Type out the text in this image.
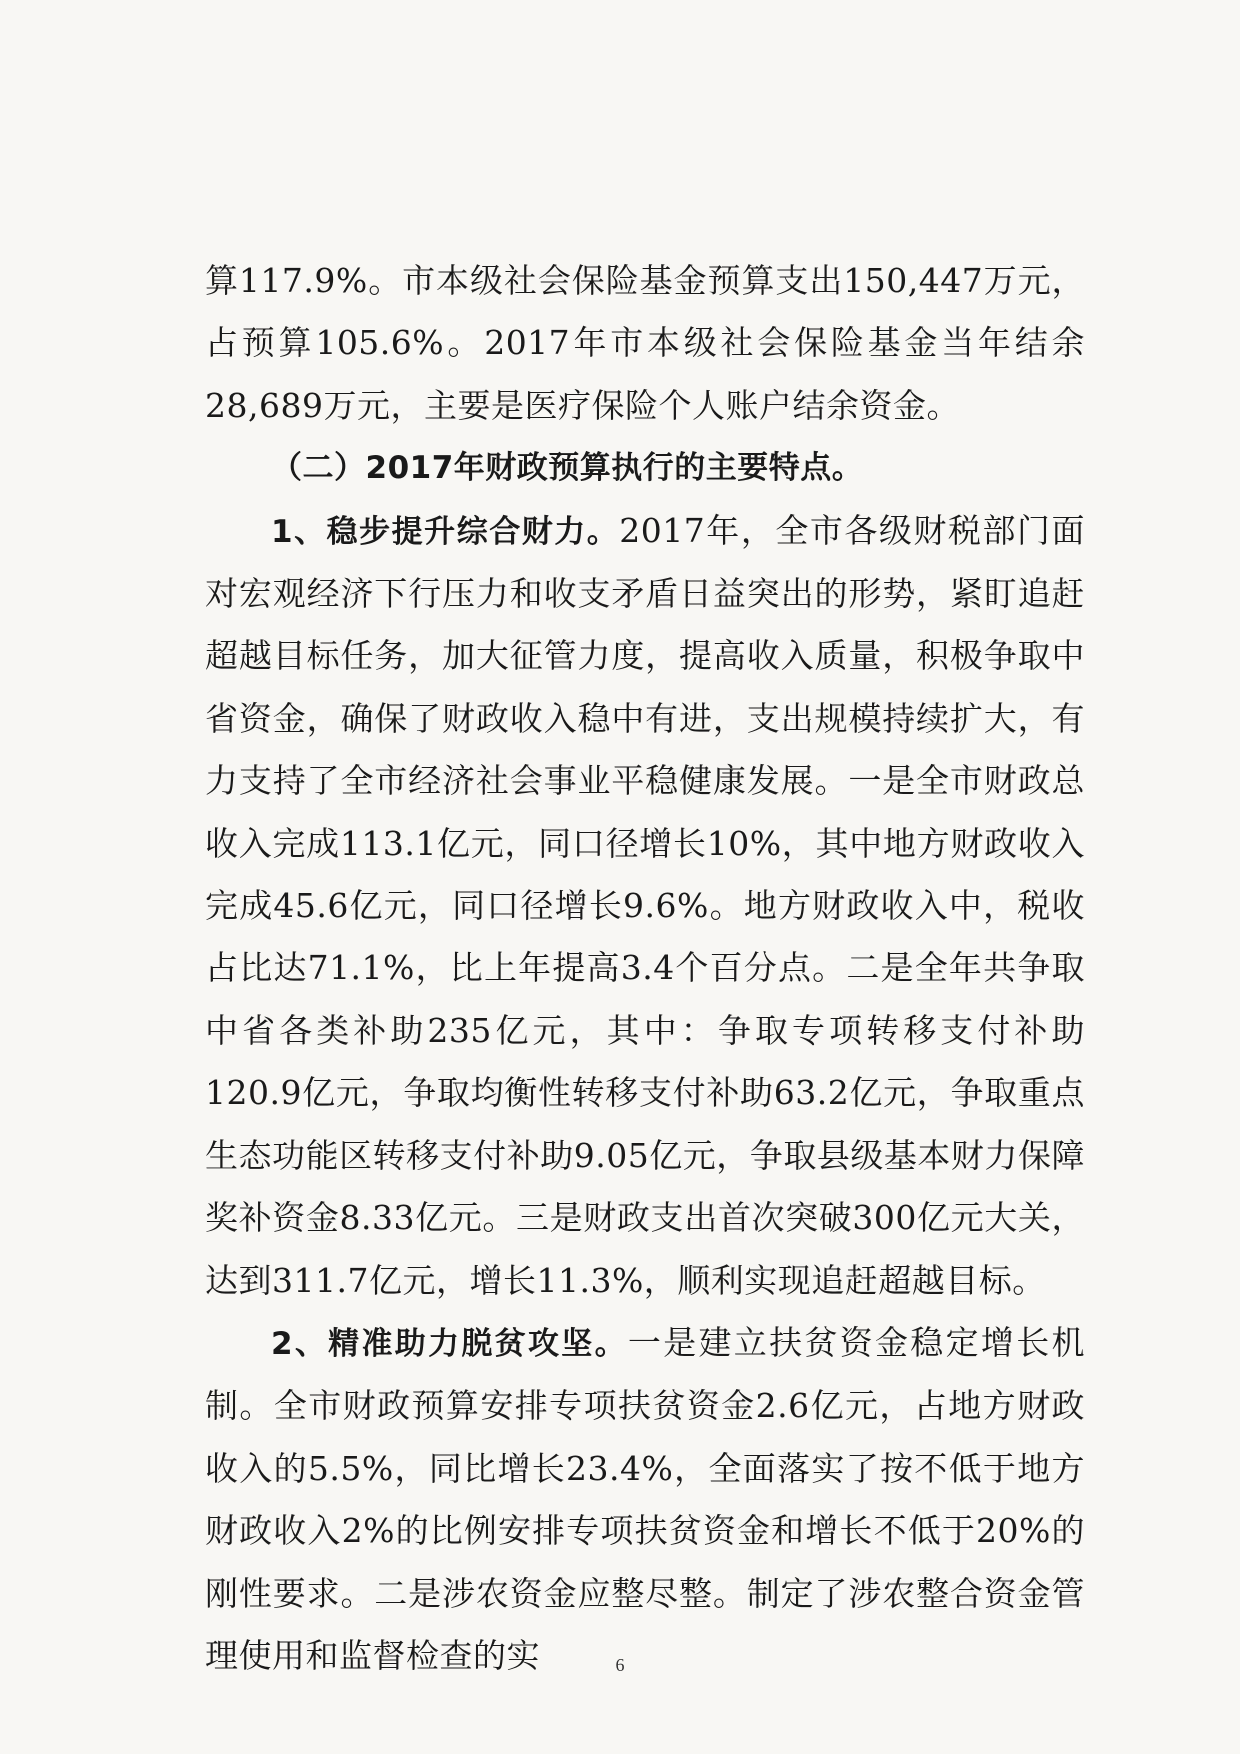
算117.9%。市本级社会保险基金预算支出150,447万元，占预算105.6%。2017年市本级社会保险基金当年结余28,689万元，主要是医疗保险个人账户结余资金。

（二）2017年财政预算执行的主要特点。

1、稳步提升综合财力。2017年，全市各级财税部门面对宏观经济下行压力和收支矛盾日益突出的形势，紧盯追赶超越目标任务，加大征管力度，提高收入质量，积极争取中省资金，确保了财政收入稳中有进，支出规模持续扩大，有力支持了全市经济社会事业平稳健康发展。一是全市财政总收入完成113.1亿元，同口径增长10%，其中地方财政收入完成45.6亿元，同口径增长9.6%。地方财政收入中，税收占比达71.1%，比上年提高3.4个百分点。二是全年共争取中省各类补助235亿元，其中：争取专项转移支付补助120.9亿元，争取均衡性转移支付补助63.2亿元，争取重点生态功能区转移支付补助9.05亿元，争取县级基本财力保障奖补资金8.33亿元。三是财政支出首次突破300亿元大关，达到311.7亿元，增长11.3%，顺利实现追赶超越目标。

2、精准助力脱贫攻坚。一是建立扶贫资金稳定增长机制。全市财政预算安排专项扶贫资金2.6亿元，占地方财政收入的5.5%，同比增长23.4%，全面落实了按不低于地方财政收入2%的比例安排专项扶贫资金和增长不低于20%的刚性要求。二是涉农资金应整尽整。制定了涉农整合资金管理使用和监督检查的实	6
